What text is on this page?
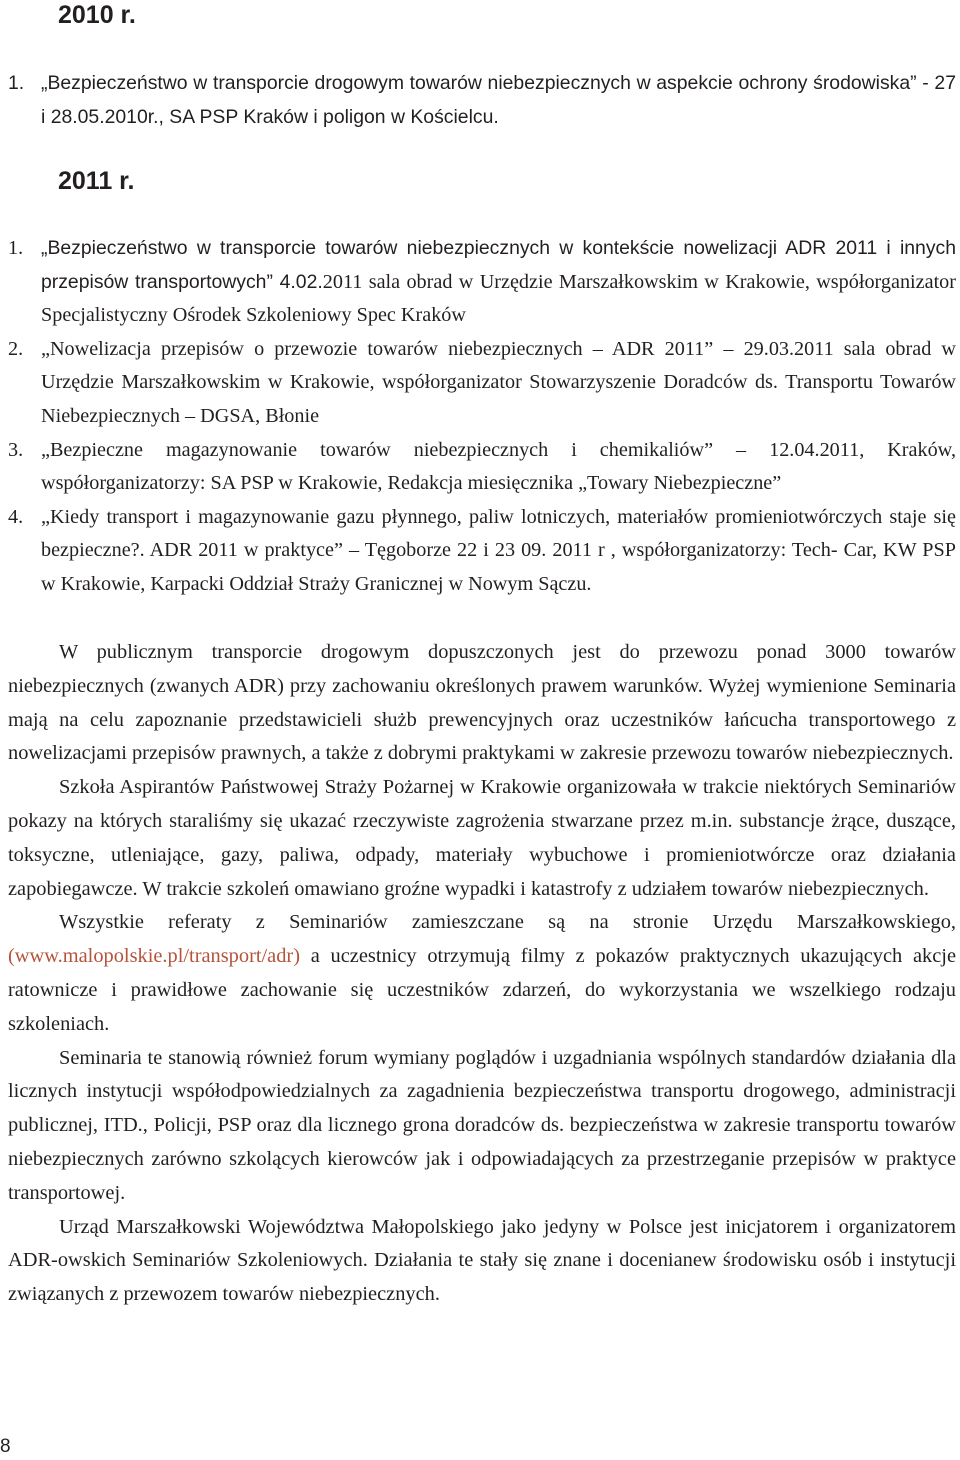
2010 r.
1. „Bezpieczeństwo w transporcie drogowym towarów niebezpiecznych w aspekcie ochrony środowiska” - 27 i 28.05.2010r., SA PSP Kraków i poligon w Kościelcu.
2011 r.
1. „Bezpieczeństwo w transporcie towarów niebezpiecznych w kontekście nowelizacji ADR 2011 i innych przepisów transportowych” 4.02.2011 sala obrad w Urzędzie Marszałkowskim w Krakowie, współorganizator Specjalistyczny Ośrodek Szkoleniowy Spec Kraków
2. „Nowelizacja przepisów o przewozie towarów niebezpiecznych – ADR 2011” – 29.03.2011 sala obrad w Urzędzie Marszałkowskim w Krakowie, współorganizator Stowarzyszenie Doradców ds. Transportu Towarów Niebezpiecznych – DGSA, Błonie
3. „Bezpieczne magazynowanie towarów niebezpiecznych i chemikaliów” – 12.04.2011, Kraków, współorganizatorzy: SA PSP w Krakowie, Redakcja miesięcznika „Towary Niebezpieczne”
4. „Kiedy transport i magazynowanie gazu płynnego, paliw lotniczych, materiałów promieniotwórczych staje się bezpieczne?. ADR 2011 w praktyce” – Tęgoborze 22 i 23 09. 2011 r , współorganizatorzy: Tech- Car, KW PSP w Krakowie, Karpacki Oddział Straży Granicznej w Nowym Sączu.

W publicznym transporcie drogowym dopuszczonych jest do przewozu ponad 3000 towarów niebezpiecznych (zwanych ADR) przy zachowaniu określonych prawem warunków. Wyżej wymienione Seminaria mają na celu zapoznanie przedstawicieli służb prewencyjnych oraz uczestników łańcucha transportowego z nowelizacjami przepisów prawnych, a także z dobrymi praktykami w zakresie przewozu towarów niebezpiecznych.

Szkoła Aspirantów Państwowej Straży Pożarnej w Krakowie organizowała w trakcie niektórych Seminariów pokazy na których staraliśmy się ukazać rzeczywiste zagrożenia stwarzane przez m.in. substancje żrące, duszące, toksyczne, utleniające, gazy, paliwa, odpady, materiały wybuchowe i promieniotwórcze oraz działania zapobiegawcze. W trakcie szkoleń omawiano groźne wypadki i katastrofy z udziałem towarów niebezpiecznych.

Wszystkie referaty z Seminariów zamieszczane są na stronie Urzędu Marszałkowskiego, (www.malopolskie.pl/transport/adr) a uczestnicy otrzymują filmy z pokazów praktycznych ukazujących akcje ratownicze i prawidłowe zachowanie się uczestników zdarzeń, do wykorzystania we wszelkiego rodzaju szkoleniach.

Seminaria te stanowią również forum wymiany poglądów i uzgadniania wspólnych standardów działania dla licznych instytucji współodpowiedzialnych za zagadnienia bezpieczeństwa transportu drogowego, administracji publicznej, ITD., Policji, PSP oraz dla licznego grona doradców ds. bezpieczeństwa w zakresie transportu towarów niebezpiecznych zarówno szkolących kierowców jak i odpowiadających za przestrzeganie przepisów w praktyce transportowej.

Urząd Marszałkowski Województwa Małopolskiego jako jedyny w Polsce jest inicjatorem i organizatorem ADR-owskich Seminariów Szkoleniowych. Działania te stały się znane i docenianew środowisku osób i instytucji związanych z przewozem towarów niebezpiecznych.

8
